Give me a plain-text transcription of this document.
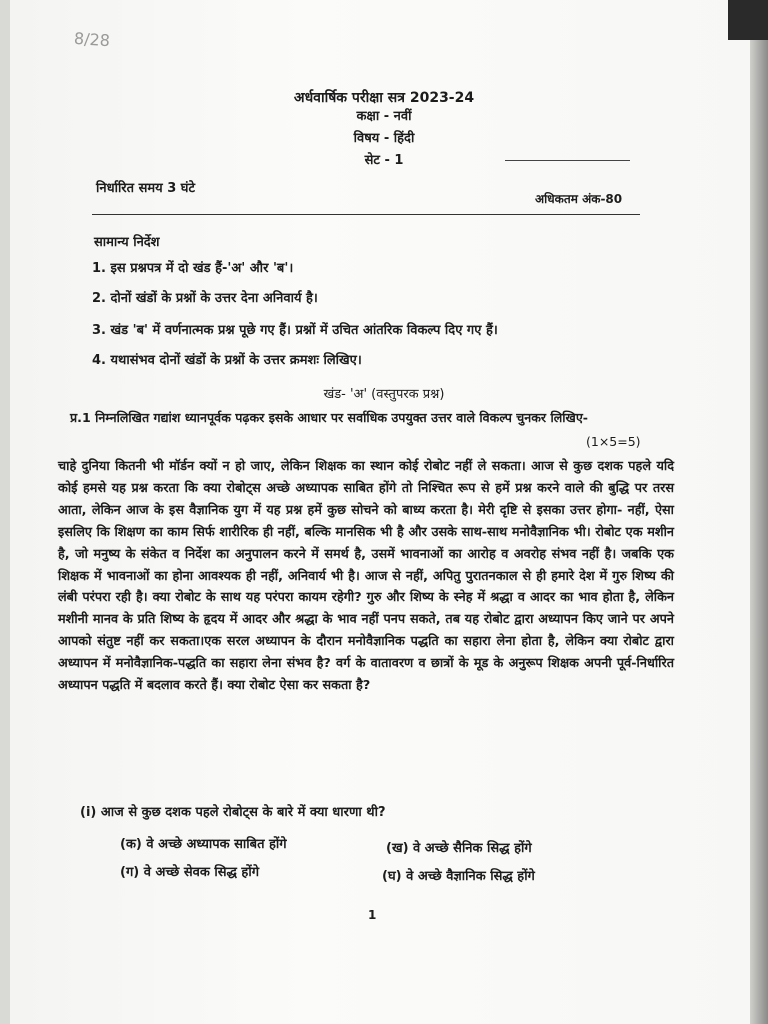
8/28
अर्धवार्षिक परीक्षा सत्र 2023-24
कक्षा - नवीं
विषय - हिंदी
सेट - 1
निर्धारित समय 3 घंटे
अधिकतम अंक-80
सामान्य निर्देश
1. इस प्रश्नपत्र में दो खंड हैं-'अ' और 'ब'।
2. दोनों खंडों के प्रश्नों के उत्तर देना अनिवार्य है।
3. खंड 'ब' में वर्णनात्मक प्रश्न पूछे गए हैं। प्रश्नों में उचित आंतरिक विकल्प दिए गए हैं।
4. यथासंभव दोनों खंडों के प्रश्नों के उत्तर क्रमशः लिखिए।
खंड- 'अ' (वस्तुपरक प्रश्न)
प्र.1 निम्नलिखित गद्यांश ध्यानपूर्वक पढ़कर इसके आधार पर सर्वाधिक उपयुक्त उत्तर वाले विकल्प चुनकर लिखिए-
(1×5=5)
चाहे दुनिया कितनी भी मॉर्डन क्यों न हो जाए, लेकिन शिक्षक का स्थान कोई रोबोट नहीं ले सकता। आज से कुछ दशक पहले यदि कोई हमसे यह प्रश्न करता कि क्या रोबोट्स अच्छे अध्यापक साबित होंगे तो निश्चित रूप से हमें प्रश्न करने वाले की बुद्धि पर तरस आता, लेकिन आज के इस वैज्ञानिक युग में यह प्रश्न हमें कुछ सोचने को बाध्य करता है। मेरी दृष्टि से इसका उत्तर होगा- नहीं, ऐसा इसलिए कि शिक्षण का काम सिर्फ शारीरिक ही नहीं, बल्कि मानसिक भी है और उसके साथ-साथ मनोवैज्ञानिक भी। रोबोट एक मशीन है, जो मनुष्य के संकेत व निर्देश का अनुपालन करने में समर्थ है, उसमें भावनाओं का आरोह व अवरोह संभव नहीं है। जबकि एक शिक्षक में भावनाओं का होना आवश्यक ही नहीं, अनिवार्य भी है। आज से नहीं, अपितु पुरातनकाल से ही हमारे देश में गुरु शिष्य की लंबी परंपरा रही है। क्या रोबोट के साथ यह परंपरा कायम रहेगी? गुरु और शिष्य के स्नेह में श्रद्धा व आदर का भाव होता है, लेकिन मशीनी मानव के प्रति शिष्य के हृदय में आदर और श्रद्धा के भाव नहीं पनप सकते, तब यह रोबोट द्वारा अध्यापन किए जाने पर अपने आपको संतुष्ट नहीं कर सकता।एक सरल अध्यापन के दौरान मनोवैज्ञानिक पद्धति का सहारा लेना होता है, लेकिन क्या रोबोट द्वारा अध्यापन में मनोवैज्ञानिक-पद्धति का सहारा लेना संभव है? वर्ग के वातावरण व छात्रों के मूड के अनुरूप शिक्षक अपनी पूर्व-निर्धारित अध्यापन पद्धति में बदलाव करते हैं। क्या रोबोट ऐसा कर सकता है?
(i) आज से कुछ दशक पहले रोबोट्स के बारे में क्या धारणा थी?
(क) वे अच्छे अध्यापक साबित होंगे	(ख) वे अच्छे सैनिक सिद्ध होंगे
(ग) वे अच्छे सेवक सिद्ध होंगे	(घ) वे अच्छे वैज्ञानिक सिद्ध होंगे
1
